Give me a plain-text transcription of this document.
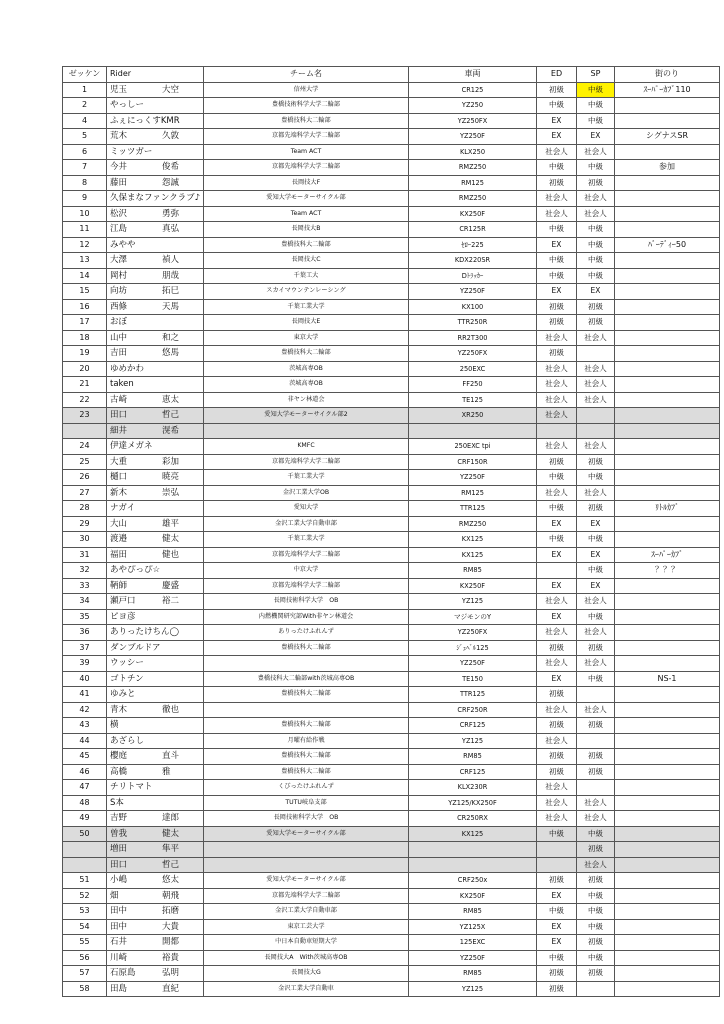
ゼッケン	Rider	チーム名	車両	ED	SP	街のり
1	児玉 大空	信州大学	CR125	初級	中級	ｽｰﾊﾟｰｶﾌﾞ110
2	やっしー	豊橋技術科学大学二輪部	YZ250	中級	中級	
4	ふぇにっくすKMR	豊橋技科大二輪部	YZ250FX	EX	中級	
5	荒木 久敦	京都先端科学大学二輪部	YZ250F	EX	EX	シグナスSR
6	ミッツガー	Team ACT	KLX250	社会人	社会人	
7	今井 俊希	京都先端科学大学二輪部	RMZ250	中級	中級	参加
8	藤田 怨誠	長岡技大F	RM125	初級	初級	
9	久保まなファンクラブ♪	愛知大学モーターサイクル部	RMZ250	社会人	社会人	
10	松沢 勇弥	Team ACT	KX250F	社会人	社会人	
11	江島 真弘	長岡技大B	CR125R	中級	中級	
12	みやや	豊橋技科大二輪部	ｾﾛｰ225	EX	中級	ﾊﾞｰﾃﾞｨｰ50
13	大澤 禎人	長岡技大C	KDX220SR	中級	中級	
14	岡村 朋哉	千葉工大	Dﾄﾗｯｶｰ	中級	中級	
15	向坊 拓巳	スカイマウンテンレーシング	YZ250F	EX	EX	
16	西條 天馬	千葉工業大学	KX100	初級	初級	
17	おぼ	長岡技大E	TTR250R	初級	初級	
18	山中 和之	東京大学	RR2T300	社会人	社会人	
19	吉田 悠馬	豊橋技科大二輪部	YZ250FX	初級		
20	ゆめかわ	茨城高専OB	250EXC	社会人	社会人	
21	taken	茨城高専OB	FF250	社会人	社会人	
22	古崎 恵太	非ヤン林道会	TE125	社会人	社会人	
23	田口 哲己	愛知大学モーターサイクル部2	XR250	社会人		
	細井 滉希					
24	伊達メガネ	KMFC	250EXC tpi	社会人	社会人	
25	大重 彩加	京都先端科学大学二輪部	CRF150R	初級	初級	
26	樋口 暁亮	千葉工業大学	YZ250F	中級	中級	
27	新木 崇弘	金沢工業大学OB	RM125	社会人	社会人	
28	ナガイ	愛知大学	TTR125	中級	初級	ﾘﾄﾙｶﾌﾞ
29	大山 雄平	金沢工業大学自動車部	RMZ250	EX	EX	
30	渡邉 健太	千葉工業大学	KX125	中級	中級	
31	福田 健也	京都先端科学大学二輪部	KX125	EX	EX	ｽｰﾊﾟｰｶﾌﾞ
32	あやぴっぴ☆	中京大学	RM85		中級	？？？
33	鞆師 慶盛	京都先端科学大学二輪部	KX250F	EX	EX	
34	瀬戸口 裕二	長岡技術科学大学　OB	YZ125	社会人	社会人	
35	ピヨ彦	内燃機関研究部With非ヤン林道会	マジモンのY	EX	中級	
36	ありったけちん◯	ありったけふれんず	YZ250FX	社会人	社会人	
37	ダンブルドア	豊橋技科大二輪部	ｼﾞｭﾍﾞﾙ125	初級	初級	
39	ウッシー		YZ250F	社会人	社会人	
40	ゴトチン	豊橋技科大二輪部with茨城高専OB	TE150	EX	中級	NS-1
41	ゆみと	豊橋技科大二輪部	TTR125	初級		
42	青木 徹也		CRF250R	社会人	社会人	
43	横	豊橋技科大二輪部	CRF125	初級	初級	
44	あざらし	月曜有給作戦	YZ125	社会人		
45	櫻庭 直斗	豊橋技科大二輪部	RM85	初級	初級	
46	高橋 雅	豊橋技科大二輪部	CRF125	初級	初級	
47	チリトマト	くびったけふれんず	KLX230R	社会人		
48	S本	TUTU岐阜支部	YZ125/KX250F	社会人	社会人	
49	吉野 達郎	長岡技術科学大学　OB	CR250RX	社会人	社会人	
50	曽我 健太	愛知大学モーターサイクル部	KX125	中級	中級	
	増田 隼平				初級	
	田口 哲己				社会人	
51	小嶋 悠太	愛知大学モーターサイクル部	CRF250x	初級	初級	
52	畑 朝飛	京都先端科学大学二輪部	KX250F	EX	中級	
53	田中 拓磨	金沢工業大学自動車部	RM85	中級	中級	
54	田中 大貴	東京工芸大学	YZ125X	EX	中級	
55	石井 開都	中日本自動車短期大学	125EXC	EX	初級	
56	川崎 裕貴	長岡技大A　With茨城高専OB	YZ250F	中級	中級	
57	石原島 弘明	長岡技大G	RM85	初級	初級	
58	田島 直紀	金沢工業大学自動車	YZ125	初級		
